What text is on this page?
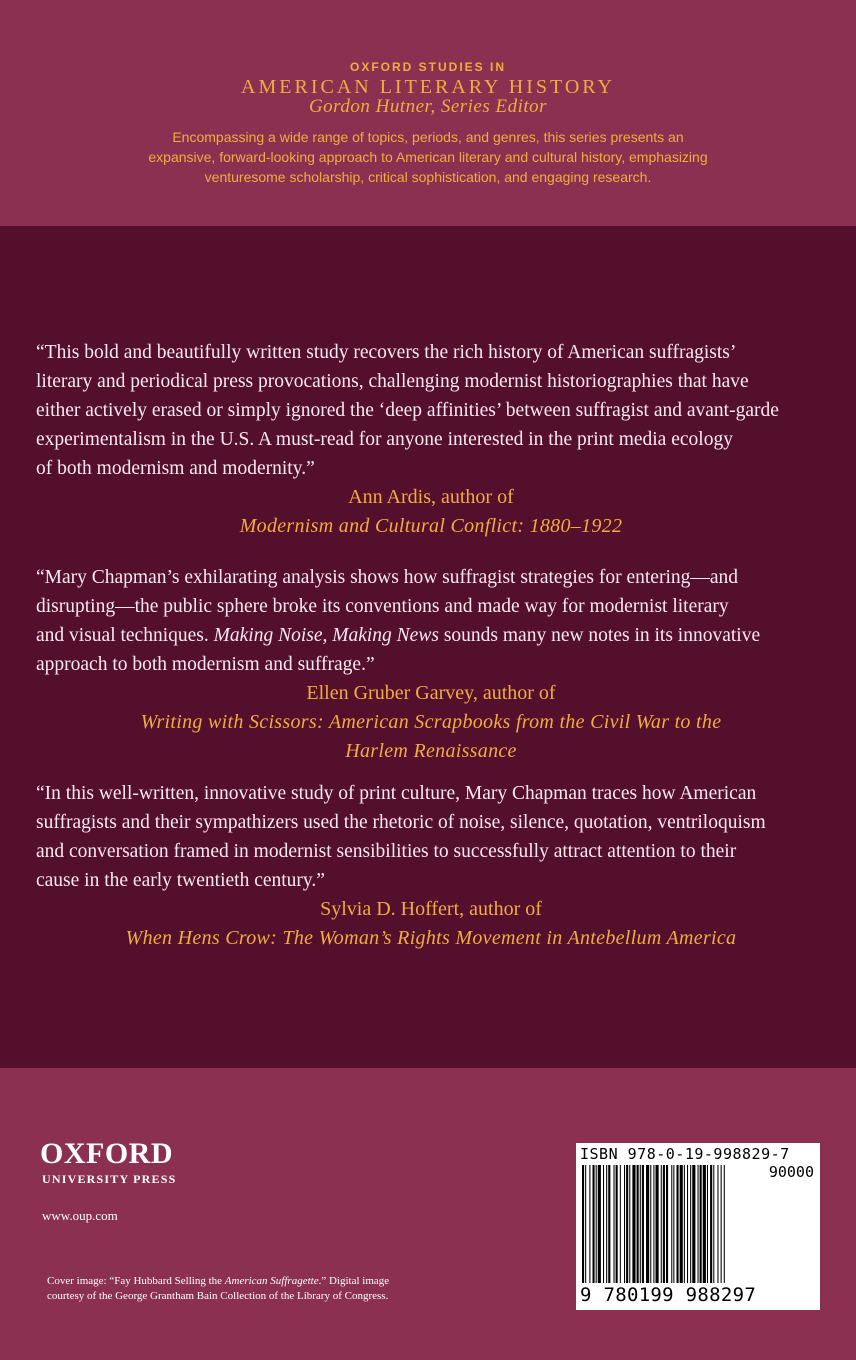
OXFORD STUDIES IN
AMERICAN LITERARY HISTORY
Gordon Hutner, Series Editor
Encompassing a wide range of topics, periods, and genres, this series presents an
expansive, forward-looking approach to American literary and cultural history, emphasizing
venturesome scholarship, critical sophistication, and engaging research.
“This bold and beautifully written study recovers the rich history of American suffragists’
literary and periodical press provocations, challenging modernist historiographies that have
either actively erased or simply ignored the ‘deep affinities’ between suffragist and avant-garde
experimentalism in the U.S. A must-read for anyone interested in the print media ecology
of both modernism and modernity.”
Ann Ardis, author of
Modernism and Cultural Conflict: 1880–1922
“Mary Chapman’s exhilarating analysis shows how suffragist strategies for entering—and
disrupting—the public sphere broke its conventions and made way for modernist literary
and visual techniques. Making Noise, Making News sounds many new notes in its innovative
approach to both modernism and suffrage.”
Ellen Gruber Garvey, author of
Writing with Scissors: American Scrapbooks from the Civil War to the
Harlem Renaissance
“In this well-written, innovative study of print culture, Mary Chapman traces how American
suffragists and their sympathizers used the rhetoric of noise, silence, quotation, ventriloquism
and conversation framed in modernist sensibilities to successfully attract attention to their
cause in the early twentieth century.”
Sylvia D. Hoffert, author of
When Hens Crow: The Woman’s Rights Movement in Antebellum America
OXFORD
UNIVERSITY PRESS
www.oup.com
Cover image: “Fay Hubbard Selling the American Suffragette.” Digital image
courtesy of the George Grantham Bain Collection of the Library of Congress.
ISBN 978-0-19-998829-7
90000
9 780199 988297
